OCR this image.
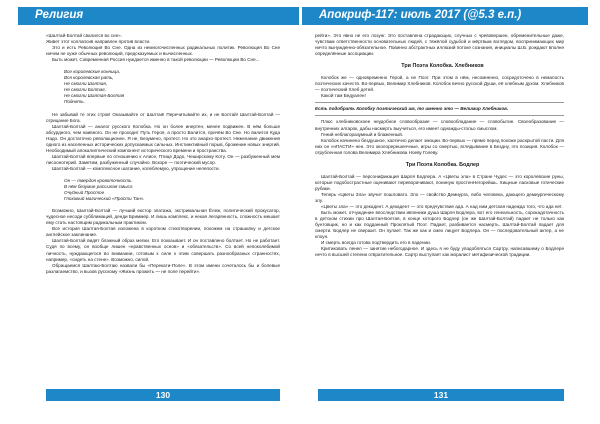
Религия

«Шалтай-Болтай свалился во сне».

Живет этот коллапсив направлен против власти.

Это и есть Революция Во Сне. Одна из немногочисленных радикальных политик. Революция Во Сне ничем не хуже обычных революций, предсказуемых и вычисленных.

Быть может, Современная Россия нуждается именно в такой революции — Революции Во Сне...

Все королевские конница,

Вся королевская рать,

Не смогли Шалтая,

Не смогли Болтая,

Не смогли Шалтая-Болтая

Поднять.

Не забывай те этих строк! Оказывайте от Шалтая! Перечитывайте их, и не Болтай! Шалтай-Болтай — отрицание Бога.

Шалтай-Болтай — аналог русского Колобка. Но он более инертен, менее подвижен. В нём больше абсурдного, чем наивного. Он не проходит Путь Героя, а просто Валится, причём Во Сне. Но валится Куда Надо. Он достаточно революционен. Я не, Безумено, протест. Но это анархо-протест. Нежелание движения одного из населенных исторических допускаемых сильных. Инстинктивный порыв, брожение новых энергий. Необходимый апокалиптический компонент исторического времени и пространства.

Шалтай-Болтай впервые по отношению к Алисе, Птице Додо, Чеширскому Коту. Он — разбуженный мем лисоонотерий. Заметим, разбуженный случайно. Вскоре — поэтический мусор.

Шалтай-Болтай — комплексное шатание, колеблемую, упрощение нелепости.

Он — твердоя кровоточность.

В нём безумие рассыпая смысл.

Очуйный Простое

Глоховый магический «Прости Тан».

Возможно, Шалтай-Болтай — лучший екстор эпатажа, экстримальная Ёлеж, политический прокусатор, чудесное несоди субблимаций, денди Бриммер. И лишь комплекс, и некая легарянность, сложность мешает ему стать настоящим радикальным практиком.

Все история Шалтая-Болтая изложена в коротком стихотворении, похожем на страшилку и детское англейское заклинание.

Шалтай-Болтай видят блажный образ мелки. Его показывает. И он поставлено болтает. Но не работает. Судя по всему, он вообще лишен «нравственных основ» и «обязательств». Со всей непоколебимой личность, нуждающегося во внимании, готовым к силе к этим совершать разнообразных странностях, например, «сидеть на стене». Возможно, силой.

Обращаемся Шалтаю-Болтаю назвали бы «Перекати-Поле». В этом имени сочеталось бы и болевые разлагаемство, и вызов русскому «Жизнь прожить — не поле перейти».

130
Апокриф-117: июль 2017 (@5.3 е.п.)

рейти». Это явно не его лозунг. Это поставлена страдающих, случных с чревовершен, обременительные даже, чувствам ответственности основательных людей, с тяжёлой судьбой и мёртвым взглядом, воспринимающих мир ничто вынужденно-обязательное. Повинно абстрактных иллюзий потоке сознания, инициалы Ш.Б. рождают вполне определённые ассоциации.

Три Поэта Колобка. Хлебников

Колобок же — одновременно Герой, а не Поэт. При этом в нём, несомненно, сосредоточено в немалость поэтических качеств. Во-первых, Велимир Хлебников. Колобок вечно русской Души, её хлебным духом. Хлебников — поэтический Хлеб детей.

Какой там Бедуален!

Есть подобрать Колобку поэтический им, то именно это — Велимир Хлебников.

Плюс хлебниковскоее неудобное словообразие — словообладание — словобытие. Своеобразование — внутренних алгарок, дабы насмерть выучиться, его имеет однажды-стольо смыслом.

Гений неблагоразумный и блаженный.

Колобок начинено бездушное, хаотично делает эмоции. Во-первых — прямо перед похоже раскрытой пасти. Для них он «нПАСТИ» нен. Это околоререшенчные, игры со смертью, вглядывание в Бездну, это позиция. Колобок — отрубленная голова Велимира Хлебникова Ноеву Голеву.

Три Поэта Колобка. Бодлер

Шалтай-Болтай — персонификация Шарля Бодлера. А «Цветы зла» в Стране Чудес — это королевские руны, которые подобострастные оценивают переворачивают, пониную простенНегорейшь. Хищные ласковые готические рубаки.

Теперь «Цветы Зла» звучит пошловато. Зло — свойство Демиурга, либо человека, дающего демиургическому злу.

«Цветы зла» — это декадент. А декадент — это предчувствие ада. А над ним детская надежда того, что ада нет.

Быть может, отчуждение впоследствии ивпеники душа Шарля Бодлера, вот его генеальность, сорокадотачность в детском стихии про Шалтая-Болтая, в конце которого Бодлер (он же Шалтай-Болтай) падает не только как бунтовщик, но и как подданный Проклятый Поэт. Падает, разбивается насмерть. Шалтай-Болтай падает для смерти. Бодлер не свершит. Он пулает. Так же как и смех лицует Бодлера. Он — последовательный актер, а не клоун.

И смерть всегда готова подтвердить его в падении.

Критиковать пенел — занятие небогодарное. И здесь я не буду упадобляться Сартру, написавшему о Бодлере нечто в высшей степени отвратительное. Сартр выступает как моралист метафизической традиции.

131
